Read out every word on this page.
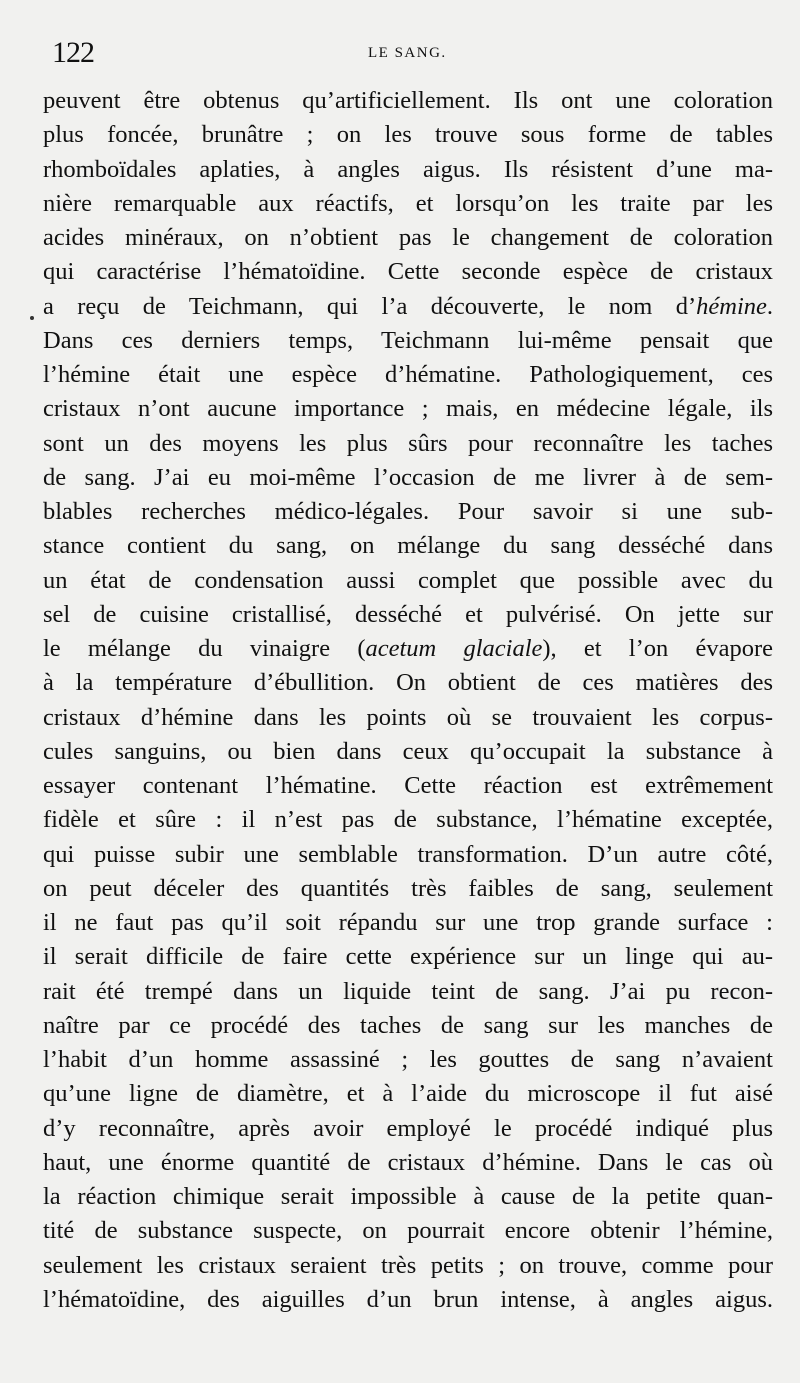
122	LE SANG.
peuvent être obtenus qu’artificiellement. Ils ont une coloration
plus foncée, brunâtre ; on les trouve sous forme de tables
rhomboïdales aplaties, à angles aigus. Ils résistent d’une ma-
nière remarquable aux réactifs, et lorsqu’on les traite par les
acides minéraux, on n’obtient pas le changement de coloration
qui caractérise l’hématoïdine. Cette seconde espèce de cristaux
a reçu de Teichmann, qui l’a découverte, le nom d’hémine.
Dans ces derniers temps, Teichmann lui-même pensait que
l’hémine était une espèce d’hématine. Pathologiquement, ces
cristaux n’ont aucune importance ; mais, en médecine légale, ils
sont un des moyens les plus sûrs pour reconnaître les taches
de sang. J’ai eu moi-même l’occasion de me livrer à de sem-
blables recherches médico-légales. Pour savoir si une sub-
stance contient du sang, on mélange du sang desséché dans
un état de condensation aussi complet que possible avec du
sel de cuisine cristallisé, desséché et pulvérisé. On jette sur
le mélange du vinaigre (acetum glaciale), et l’on évapore
à la température d’ébullition. On obtient de ces matières des
cristaux d’hémine dans les points où se trouvaient les corpus-
cules sanguins, ou bien dans ceux qu’occupait la substance à
essayer contenant l’hématine. Cette réaction est extrêmement
fidèle et sûre : il n’est pas de substance, l’hématine exceptée,
qui puisse subir une semblable transformation. D’un autre côté,
on peut déceler des quantités très faibles de sang, seulement
il ne faut pas qu’il soit répandu sur une trop grande surface :
il serait difficile de faire cette expérience sur un linge qui au-
rait été trempé dans un liquide teint de sang. J’ai pu recon-
naître par ce procédé des taches de sang sur les manches de
l’habit d’un homme assassiné ; les gouttes de sang n’avaient
qu’une ligne de diamètre, et à l’aide du microscope il fut aisé
d’y reconnaître, après avoir employé le procédé indiqué plus
haut, une énorme quantité de cristaux d’hémine. Dans le cas où
la réaction chimique serait impossible à cause de la petite quan-
tité de substance suspecte, on pourrait encore obtenir l’hémine,
seulement les cristaux seraient très petits ; on trouve, comme pour
l’hématoïdine, des aiguilles d’un brun intense, à angles aigus.
